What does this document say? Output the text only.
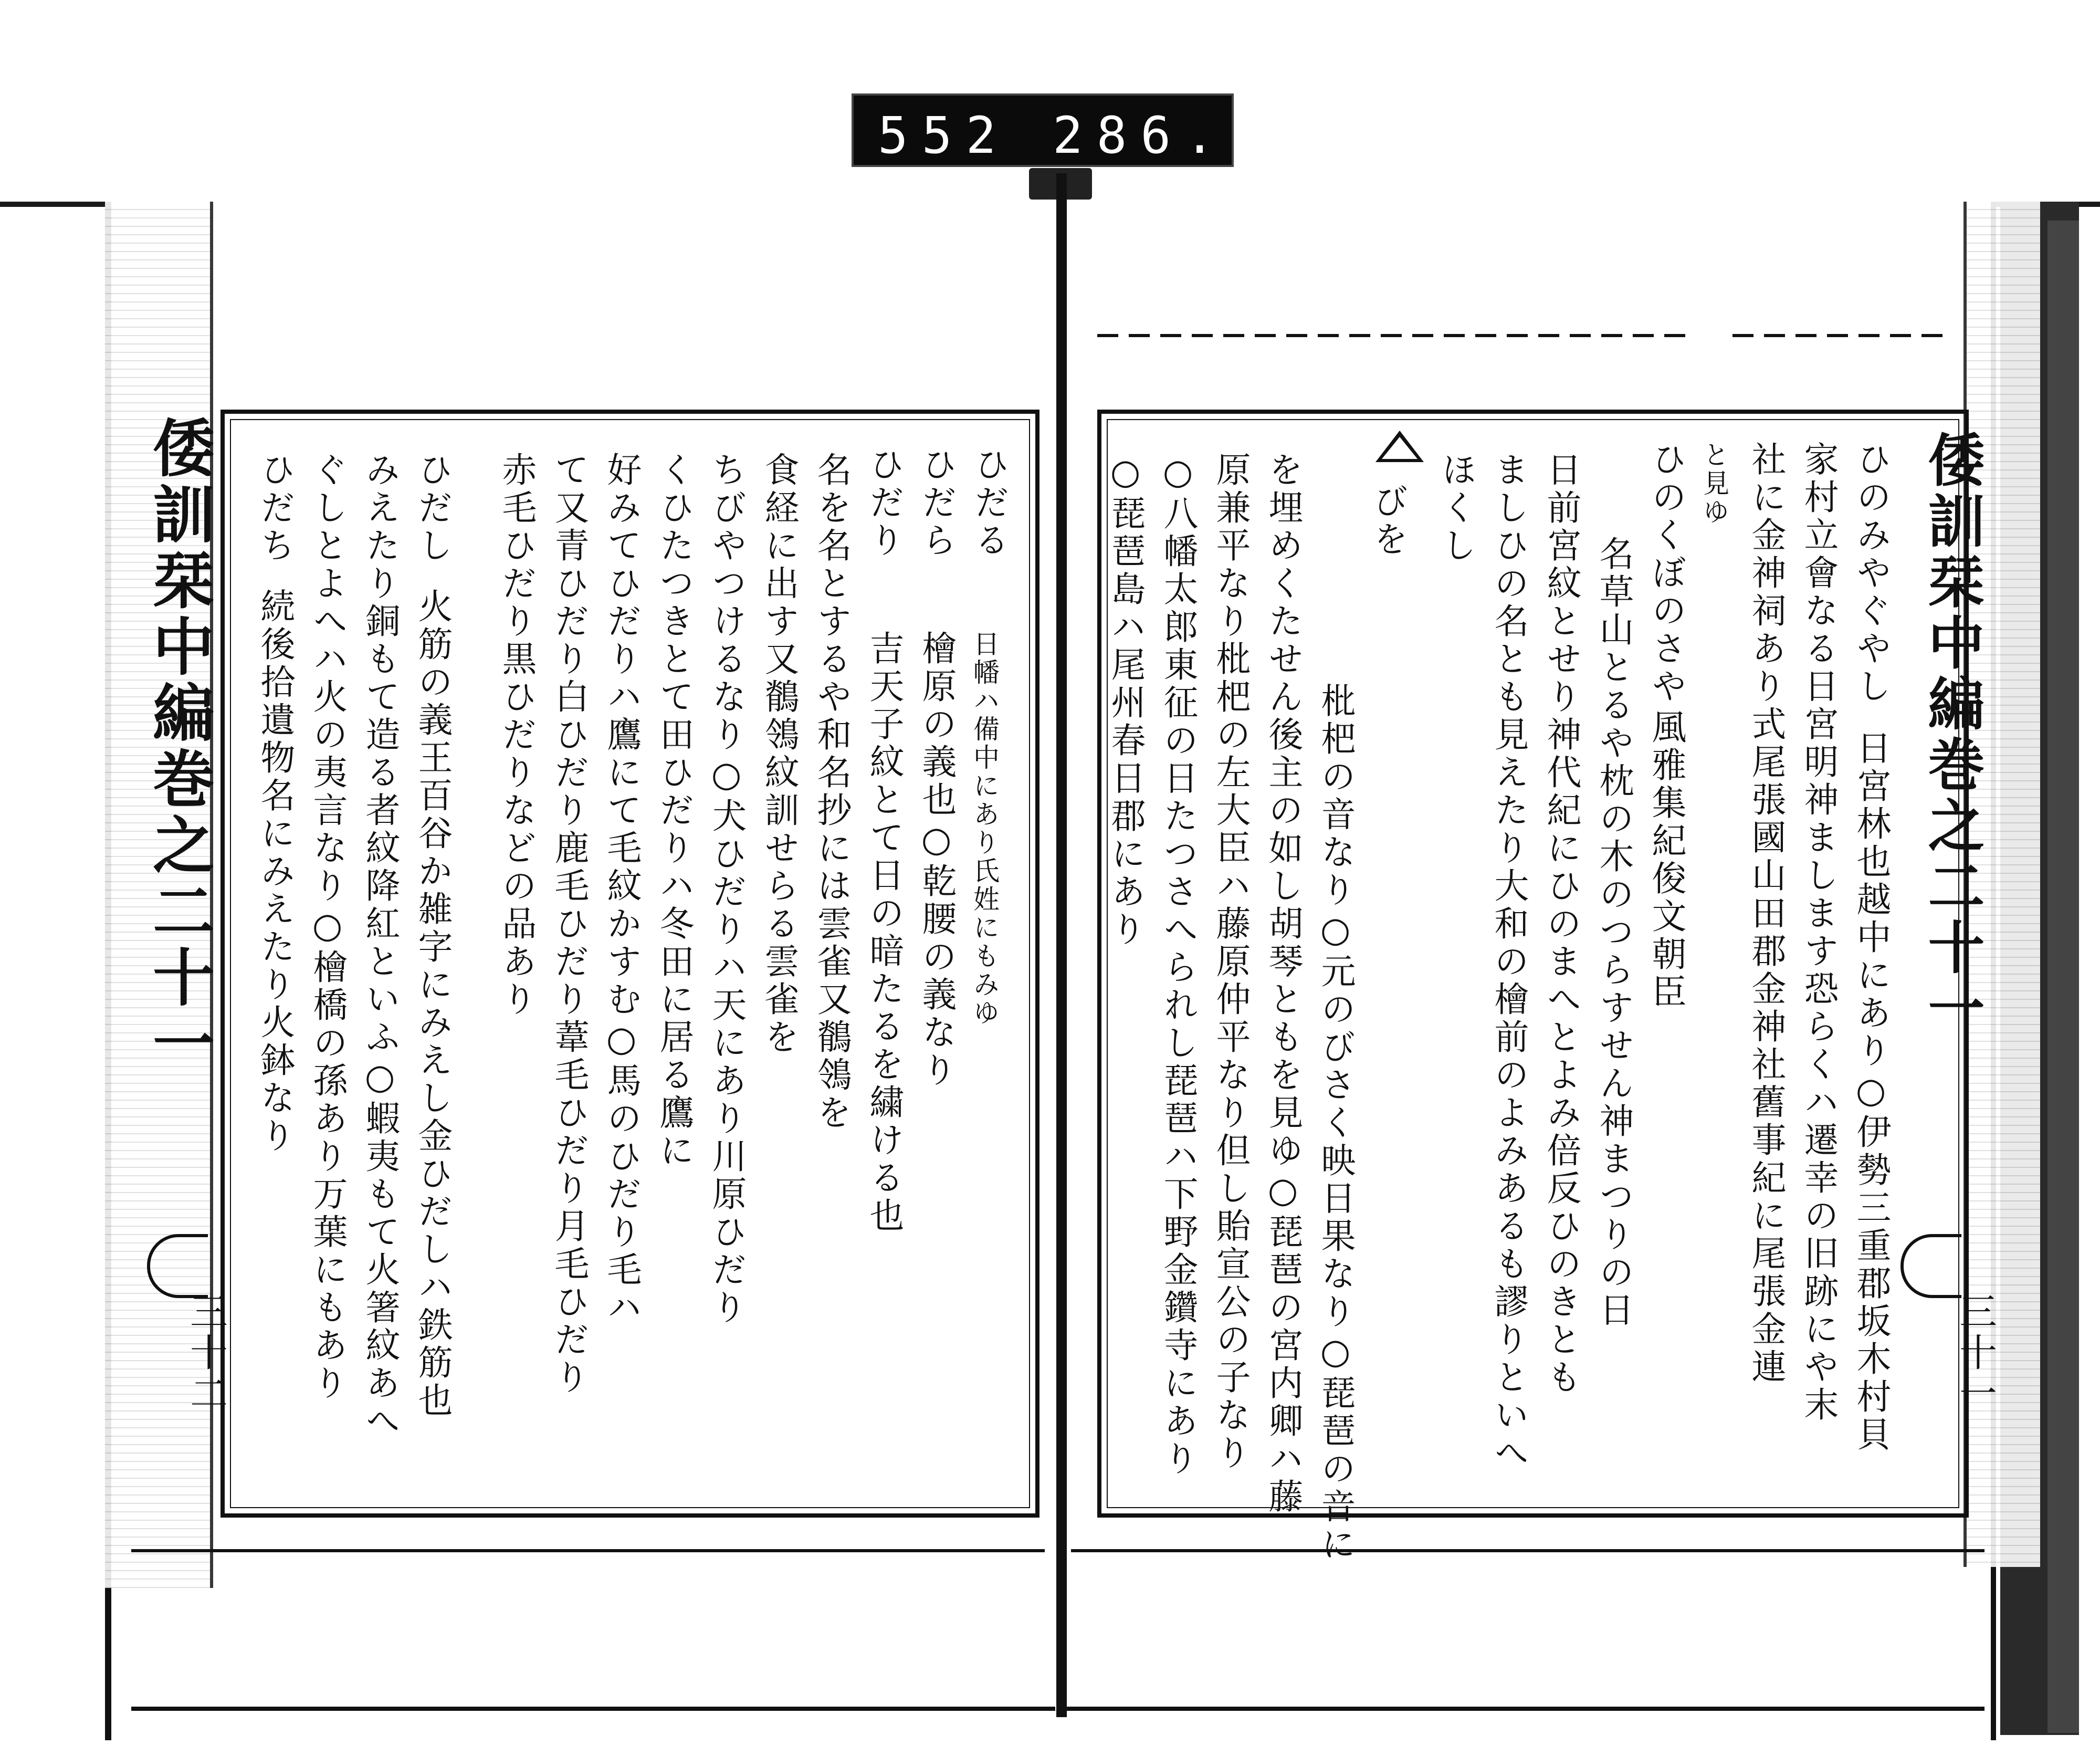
552 286.
倭訓栞中編巻之二十一
三十二
倭訓栞中編巻之二十一
三十一
ひだる
ひだら
ひだり
日幡ハ備中にあり氏姓にもみゆ
檜原の義也○乾腰の義なり
吉天子紋とて日の暗たるを繍ける也
名を名とするや和名抄には雲雀又鶺鴒を
食経に出す又鶺鴒紋訓せらる雲雀を
ちびやつけるなり○犬ひだりハ天にあり川原ひだり
くひたつきとて田ひだりハ冬田に居る鷹に
好みてひだりハ鷹にて毛紋かすむ○馬のひだり毛ハ
て又青ひだり白ひだり鹿毛ひだり葦毛ひだり月毛ひだり
赤毛ひだり黒ひだりなどの品あり
ひだし
火筋の義王百谷か雑字にみえし金ひだしハ鉄筋也
みえたり銅もて造る者紋降紅といふ○蝦夷もて火箸紋あへ
ぐしとよへハ火の夷言なり○檜橋の孫あり万葉にもあり
ひだち
続後拾遺物名にみえたり火鉢なり
ひのみやぐやし
日宮林也越中にあり○伊勢三重郡坂木村貝
家村立會なる日宮明神まします恐らくハ遷幸の旧跡にや末
社に金神祠あり式尾張國山田郡金神社舊事紀に尾張金連
と見ゆ
ひのくぼのさや
風雅集紀俊文朝臣
名草山とるや枕の木のつらすせん神まつりの日
日前宮紋とせり神代紀にひのまへとよみ倍反ひのきとも
ましひの名とも見えたり大和の檜前のよみあるも謬りといへ
ほくし
びを
枇杷の音なり○元のびさく映日果なり○琵琶の音に
を埋めくたせん後主の如し胡琴ともを見ゆ○琵琶の宮内卿ハ藤
原兼平なり枇杷の左大臣ハ藤原仲平なり但し貽宣公の子なり
○八幡太郎東征の日たつさへられし琵琶ハ下野金鑽寺にあり
○琵琶島ハ尾州春日郡にあり
